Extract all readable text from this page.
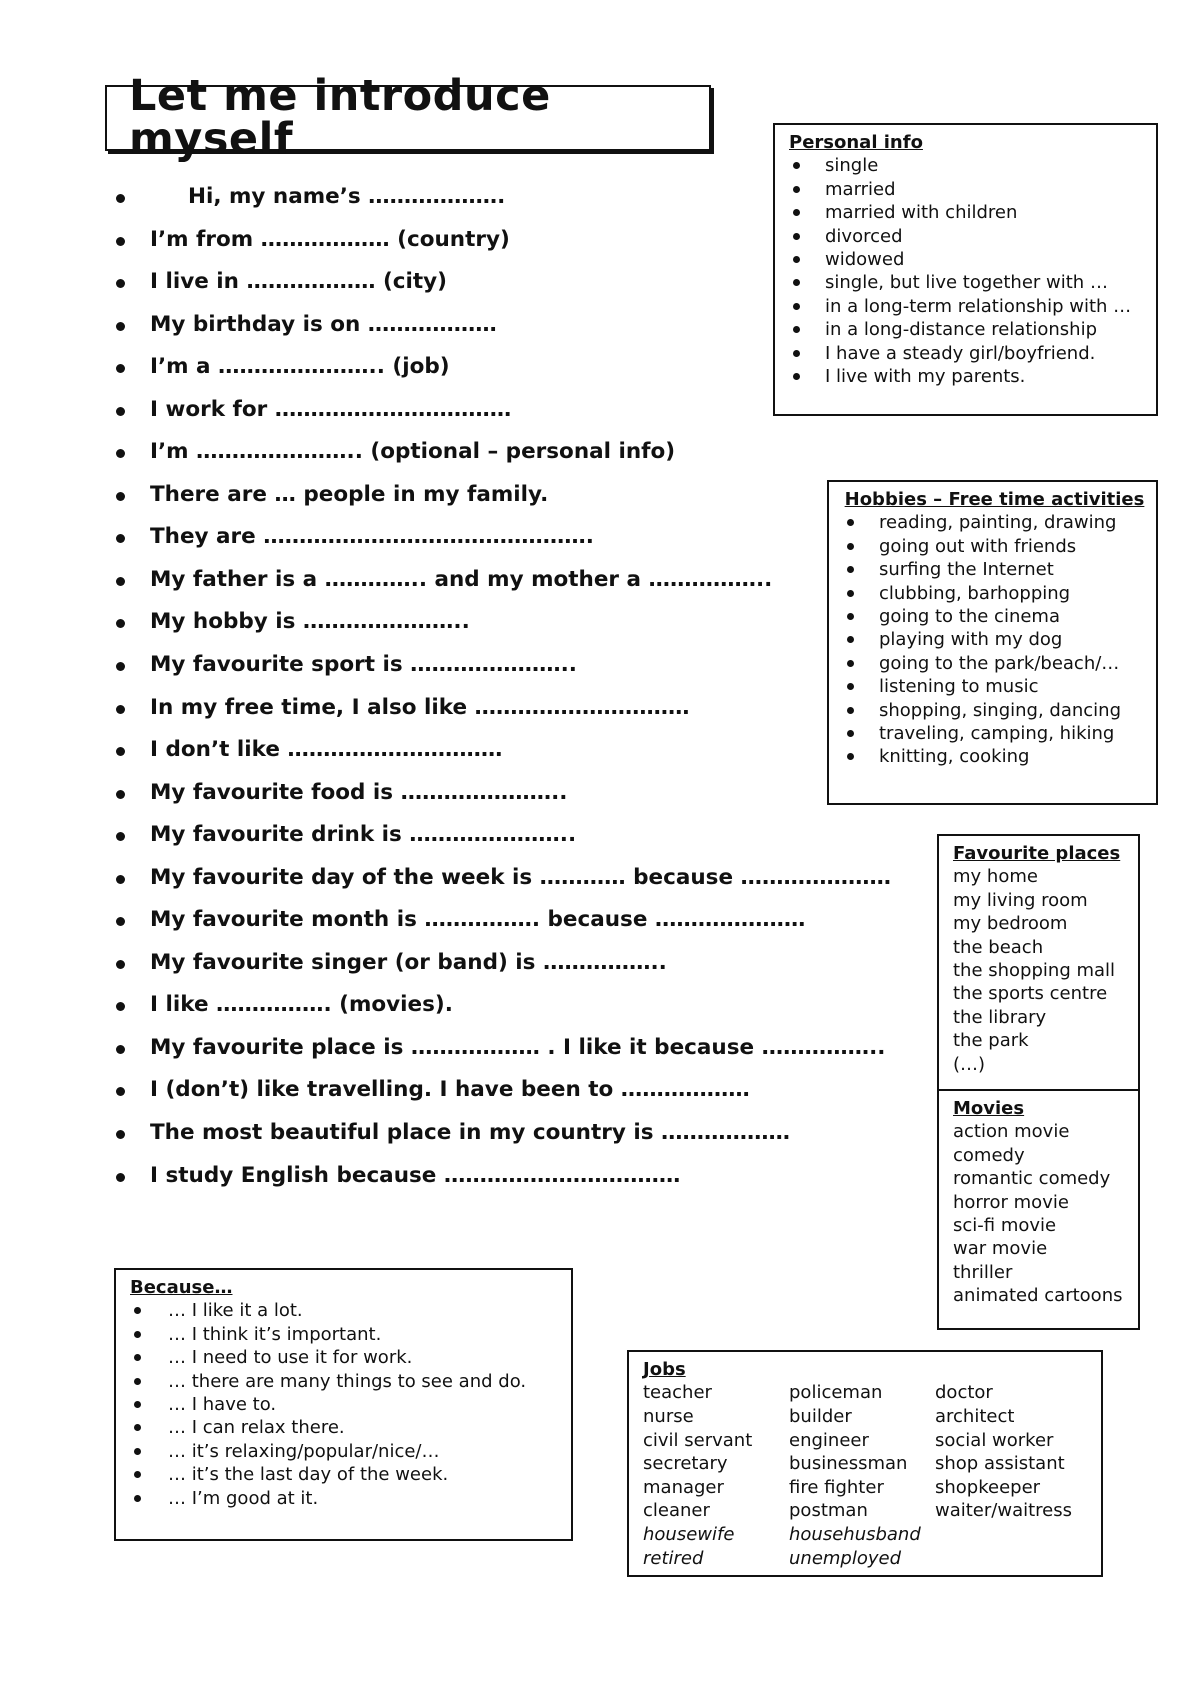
Let me introduce myself
Hi, my name’s ……………….
I’m from ……………… (country)
I live in ……………… (city)
My birthday is on ………………
I’m a ………………….. (job)
I work for ……………………………
I’m ………………….. (optional – personal info)
There are … people in my family.
They are ……………………………………….
My father is a ………….. and my mother a ……………..
My hobby is …………………..
My favourite sport is …………………..
In my free time, I also like …………………………
I don’t like …………………………
My favourite food is …………………..
My favourite drink is …………………..
My favourite day of the week is ………… because …………………
My favourite month is ……………. because …………………
My favourite singer (or band) is ……………..
I like ……………. (movies).
My favourite place is ……………… . I like it because ……………..
I (don’t) like travelling. I have been to ………………
The most beautiful place in my country is ………………
I study English because ……………………………
Personal info
single
married
married with children
divorced
widowed
single, but live together with …
in a long-term relationship with …
in a long-distance relationship
I have a steady girl/boyfriend.
I live with my parents.
Hobbies – Free time activities
reading, painting, drawing
going out with friends
surfing the Internet
clubbing, barhopping
going to the cinema
playing with my dog
going to the park/beach/…
listening to music
shopping, singing, dancing
traveling, camping, hiking
knitting, cooking
Favourite places
my home
my living room
my bedroom
the beach
the shopping mall
the sports centre
the library
the park
(…)
Movies
action movie
comedy
romantic comedy
horror movie
sci-fi movie
war movie
thriller
animated cartoons
Because…
… I like it a lot.
… I think it’s important.
… I need to use it for work.
… there are many things to see and do.
… I have to.
… I can relax there.
… it’s relaxing/popular/nice/…
… it’s the last day of the week.
… I’m good at it.
Jobs
teacher
nurse
civil servant
secretary
manager
cleaner
housewife
retired
policeman
builder
engineer
businessman
fire fighter
postman
househusband
unemployed
doctor
architect
social worker
shop assistant
shopkeeper
waiter/waitress
